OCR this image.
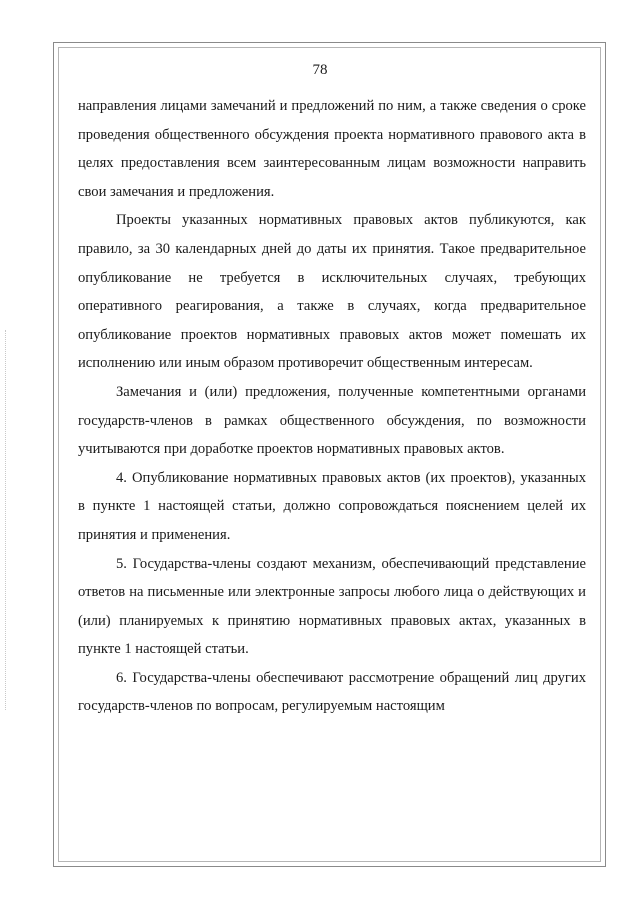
78

направления лицами замечаний и предложений по ним, а также сведения о сроке проведения общественного обсуждения проекта нормативного правового акта в целях предоставления всем заинтересованным лицам возможности направить свои замечания и предложения.

Проекты указанных нормативных правовых актов публикуются, как правило, за 30 календарных дней до даты их принятия. Такое предварительное опубликование не требуется в исключительных случаях, требующих оперативного реагирования, а также в случаях, когда предварительное опубликование проектов нормативных правовых актов может помешать их исполнению или иным образом противоречит общественным интересам.

Замечания и (или) предложения, полученные компетентными органами государств-членов в рамках общественного обсуждения, по возможности учитываются при доработке проектов нормативных правовых актов.

4. Опубликование нормативных правовых актов (их проектов), указанных в пункте 1 настоящей статьи, должно сопровождаться пояснением целей их принятия и применения.

5. Государства-члены создают механизм, обеспечивающий представление ответов на письменные или электронные запросы любого лица о действующих и (или) планируемых к принятию нормативных правовых актах, указанных в пункте 1 настоящей статьи.

6. Государства-члены обеспечивают рассмотрение обращений лиц других государств-членов по вопросам, регулируемым настоящим
